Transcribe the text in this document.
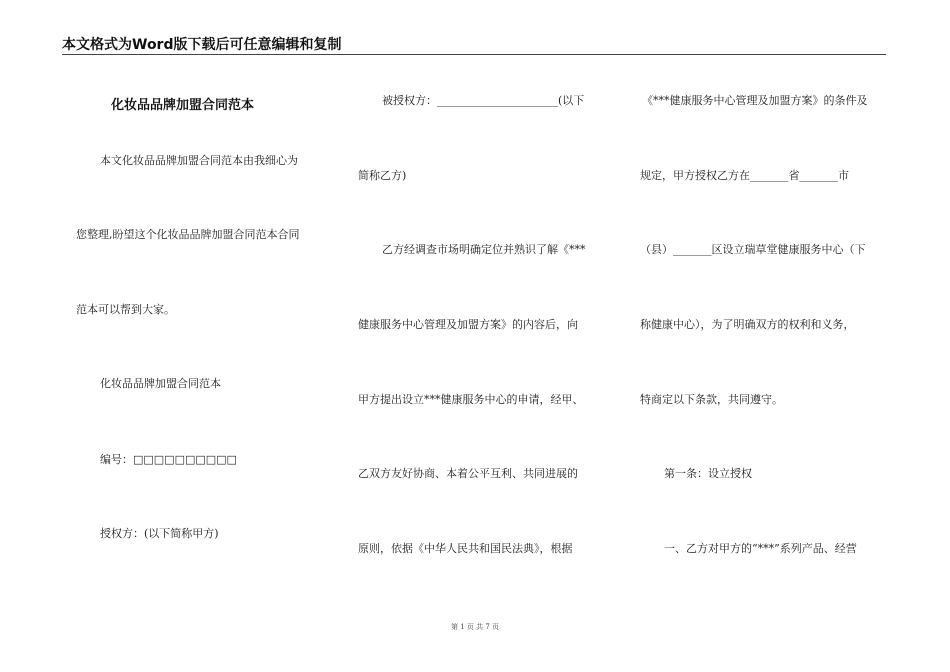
本文格式为Word版下载后可任意编辑和复制
化妆品品牌加盟合同范本
本文化妆品品牌加盟合同范本由我细心为
您整理,盼望这个化妆品品牌加盟合同范本合同
范本可以帮到大家。
化妆品品牌加盟合同范本
编号：□□□□□□□□□□
授权方：(以下简称甲方)
被授权方：______________________(以下
简称乙方)
乙方经调查市场明确定位并熟识了解《***
健康服务中心管理及加盟方案》的内容后，向
甲方提出设立***健康服务中心的申请，经甲、
乙双方友好协商、本着公平互利、共同进展的
原则，依据《中华人民共和国民法典》，根据
《***健康服务中心管理及加盟方案》的条件及
规定，甲方授权乙方在_______省_______市
（县）_______区设立瑞草堂健康服务中心（下
称健康中心），为了明确双方的权利和义务，
特商定以下条款，共同遵守。
第一条：设立授权
一、乙方对甲方的“***”系列产品、经营
第 1 页 共 7 页
